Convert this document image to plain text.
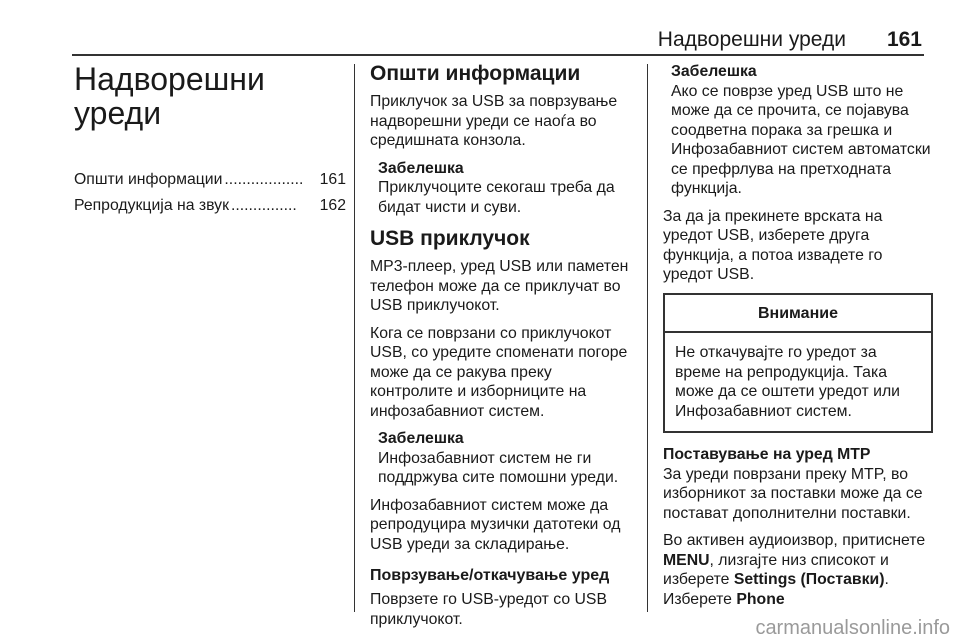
Надворешни уреди 161
Надворешни
уреди
Општи информации ..................	161
Репродукција на звук ...............	162
Општи информации

Приклучок за USB за поврзување надворешни уреди се наоѓа во средишната конзола.

Забелешка
Приклучоците секогаш треба да бидат чисти и суви.
USB приклучок

MP3-плеер, уред USB или паметен телефон може да се приклучат во USB приклучокот.

Кога се поврзани со приклучокот USB, со уредите споменати погоре може да се ракува преку контролите и изборниците на инфозабавниот систем.

Забелешка
Инфозабавниот систем не ги поддржува сите помошни уреди.

Инфозабавниот систем може да репродуцира музички датотеки од USB уреди за складирање.

Поврзување/откачување уред

Поврзете го USB-уредот со USB приклучокот.

Забелешка
Ако се поврзе уред USB што не може да се прочита, се појавува соодветна порака за грешка и Инфозабавниот систем автоматски се префрлува на претходната функција.

За да ја прекинете врската на уредот USB, изберете друга функција, а потоа извадете го уредот USB.

Внимание
Не откачувајте го уредот за време на репродукција. Така може да се оштети уредот или Инфозабавниот систем.
Поставување на уред MTP

За уреди поврзани преку MTP, во изборникот за поставки може да се поставaт дополнителни поставки.

Во активен аудиоизвор, притиснете MENU, лизгајте низ списокот и изберете Settings (Поставки). Изберете Phone

carmanualsonline.info
